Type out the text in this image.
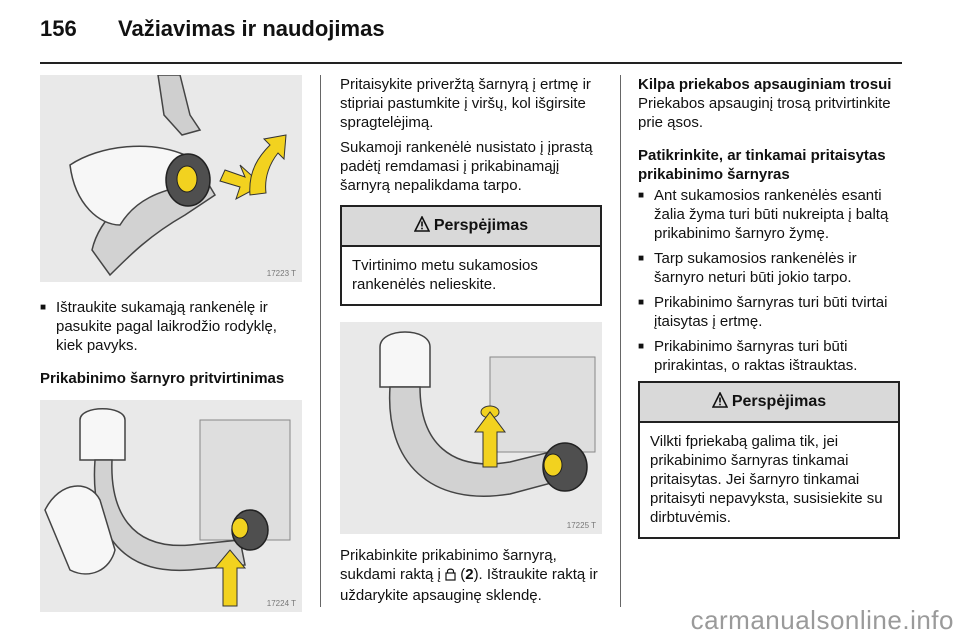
156 Važiavimas ir naudojimas
17223 T
■ Ištraukite sukamąją rankenėlę ir pasukite pagal laikrodžio rodyklę, kiek pavyks.
Prikabinimo šarnyro pritvirtinimas
17224 T

Pritaisykite priveržtą šarnyrą į ertmę ir stipriai pastumkite į viršų, kol išgirsite spragtelėjimą.

Sukamoji rankenėlė nusistato į įprastą padėtį remdamasi į prikabinamąjį šarnyrą nepalikdama tarpo.

Perspėjimas
Tvirtinimo metu sukamosios rankenėlės nelieskite.
17225 T

Prikabinkite prikabinimo šarnyrą, sukdami raktą į  (2). Ištraukite raktą ir uždarykite apsauginę sklendę.

Kilpa priekabos apsauginiam trosui

Priekabos apsauginį trosą pritvirtinkite prie ąsos.

Patikrinkite, ar tinkamai pritaisytas prikabinimo šarnyras
■ Ant sukamosios rankenėlės esanti žalia žyma turi būti nukreipta į baltą prikabinimo šarnyro žymę.
■ Tarp sukamosios rankenėlės ir šarnyro neturi būti jokio tarpo.
■ Prikabinimo šarnyras turi būti tvirtai įtaisytas į ertmę.
■ Prikabinimo šarnyras turi būti prirakintas, o raktas ištrauktas.
Perspėjimas
Vilkti fpriekabą galima tik, jei prikabinimo šarnyras tinkamai pritaisytas. Jei šarnyro tinkamai pritaisyti nepavyksta, susisiekite su dirbtuvėmis.
carmanualsonline.info
